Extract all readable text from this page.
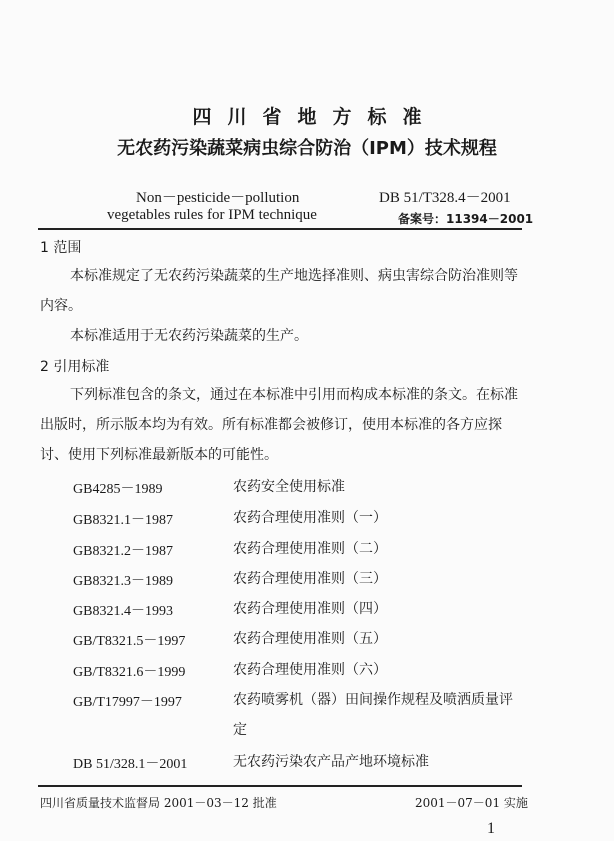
四川省地方标准
无农药污染蔬菜病虫综合防治（IPM）技术规程
Non－pesticide－pollution
vegetables rules for IPM technique
DB 51/T328.4－2001
备案号：11394－2001
1 范围
本标准规定了无农药污染蔬菜的生产地选择准则、病虫害综合防治准则等内容。
本标准适用于无农药污染蔬菜的生产。
2 引用标准
下列标准包含的条文，通过在本标准中引用而构成本标准的条文。在标准出版时，所示版本均为有效。所有标准都会被修订，使用本标准的各方应探讨、使用下列标准最新版本的可能性。
GB4285－1989	农药安全使用标准
GB8321.1－1987	农药合理使用准则（一）
GB8321.2－1987	农药合理使用准则（二）
GB8321.3－1989	农药合理使用准则（三）
GB8321.4－1993	农药合理使用准则（四）
GB/T8321.5－1997	农药合理使用准则（五）
GB/T8321.6－1999	农药合理使用准则（六）
GB/T17997－1997	农药喷雾机（器）田间操作规程及喷洒质量评定
DB 51/328.1－2001	无农药污染农产品产地环境标准
四川省质量技术监督局 2001－03－12 批准	2001－07－01 实施
1
